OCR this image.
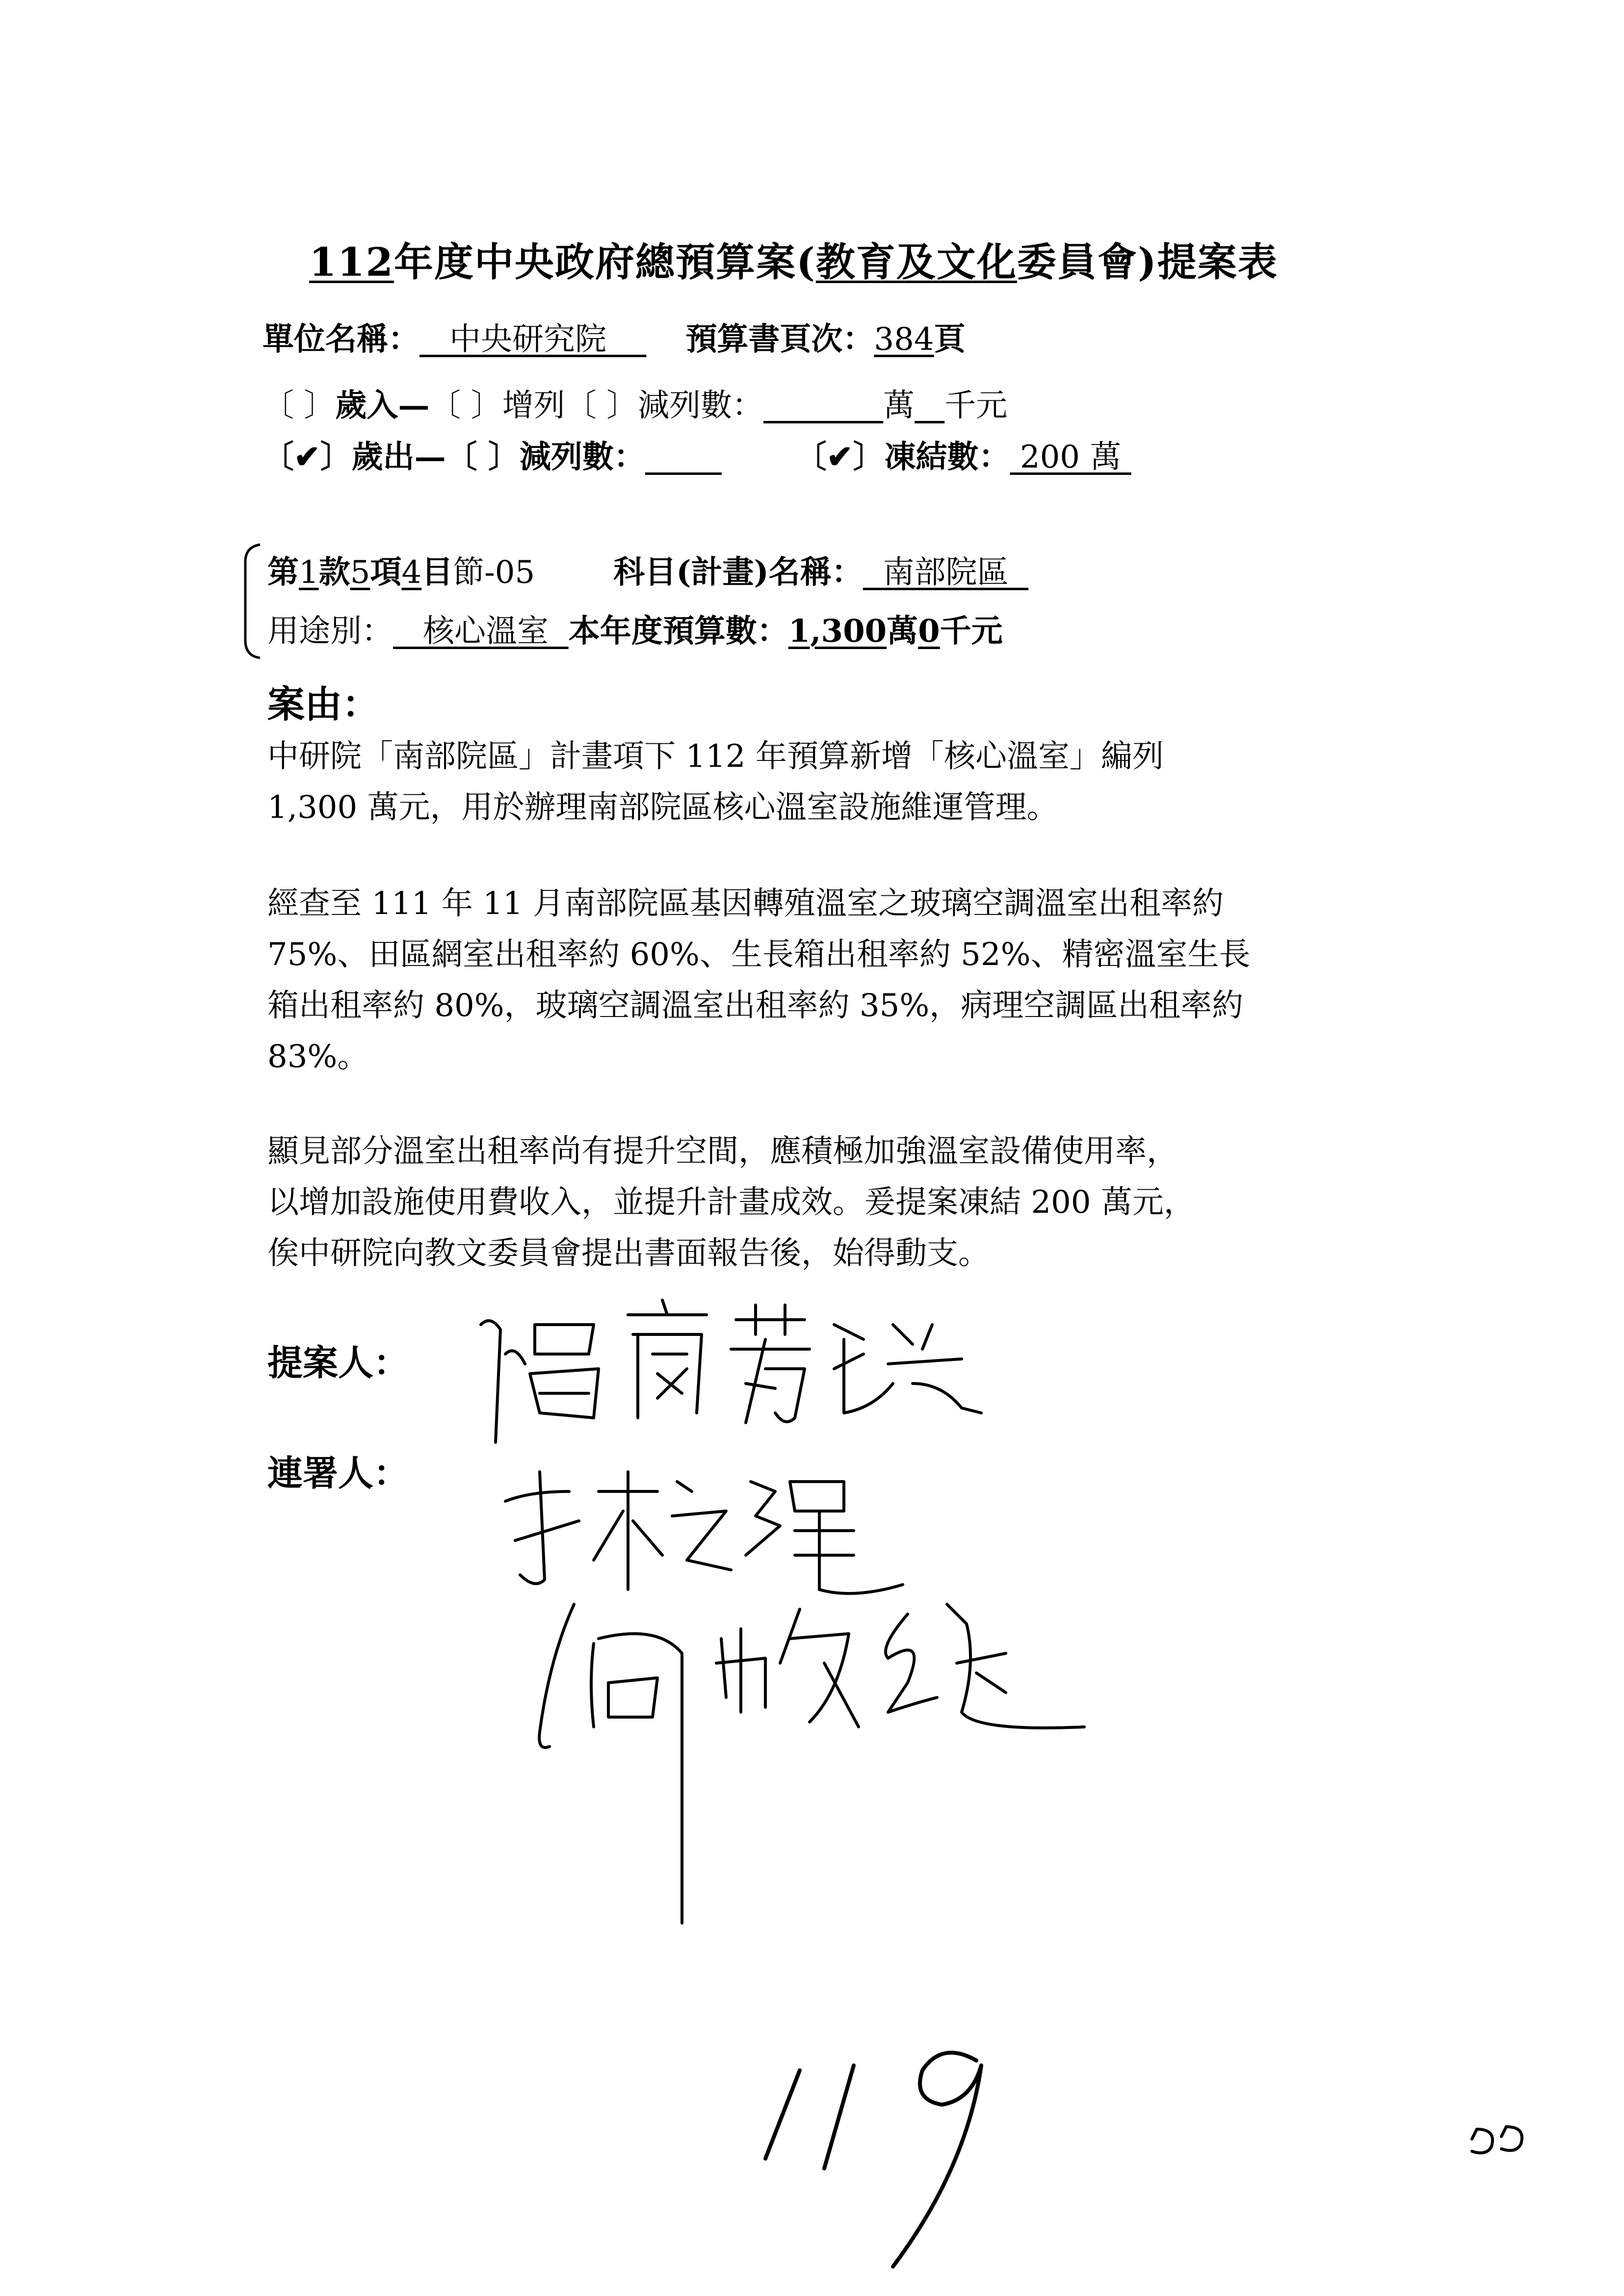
112年度中央政府總預算案(教育及文化委員會)提案表
單位名稱： 中央研究院	預算書頁次：384頁
〔 〕歲入—〔 〕增列〔 〕減列數：	萬 千元
〔✔〕歲出—〔 〕減列數：	〔✔〕凍結數： 200 萬
第1款5項4目節-05	科目(計畫)名稱： 南部院區
用途別： 核心溫室 本年度預算數：1,300萬0千元
案由：
中研院「南部院區」計畫項下 112 年預算新增「核心溫室」編列
1,300 萬元，用於辦理南部院區核心溫室設施維運管理。
經查至 111 年 11 月南部院區基因轉殖溫室之玻璃空調溫室出租率約
75%、田區網室出租率約 60%、生長箱出租率約 52%、精密溫室生長
箱出租率約 80%，玻璃空調溫室出租率約 35%，病理空調區出租率約
83%。
顯見部分溫室出租率尚有提升空間，應積極加強溫室設備使用率，
以增加設施使用費收入，並提升計畫成效。爰提案凍結 200 萬元，
俟中研院向教文委員會提出書面報告後，始得動支。
提案人：
連署人：
